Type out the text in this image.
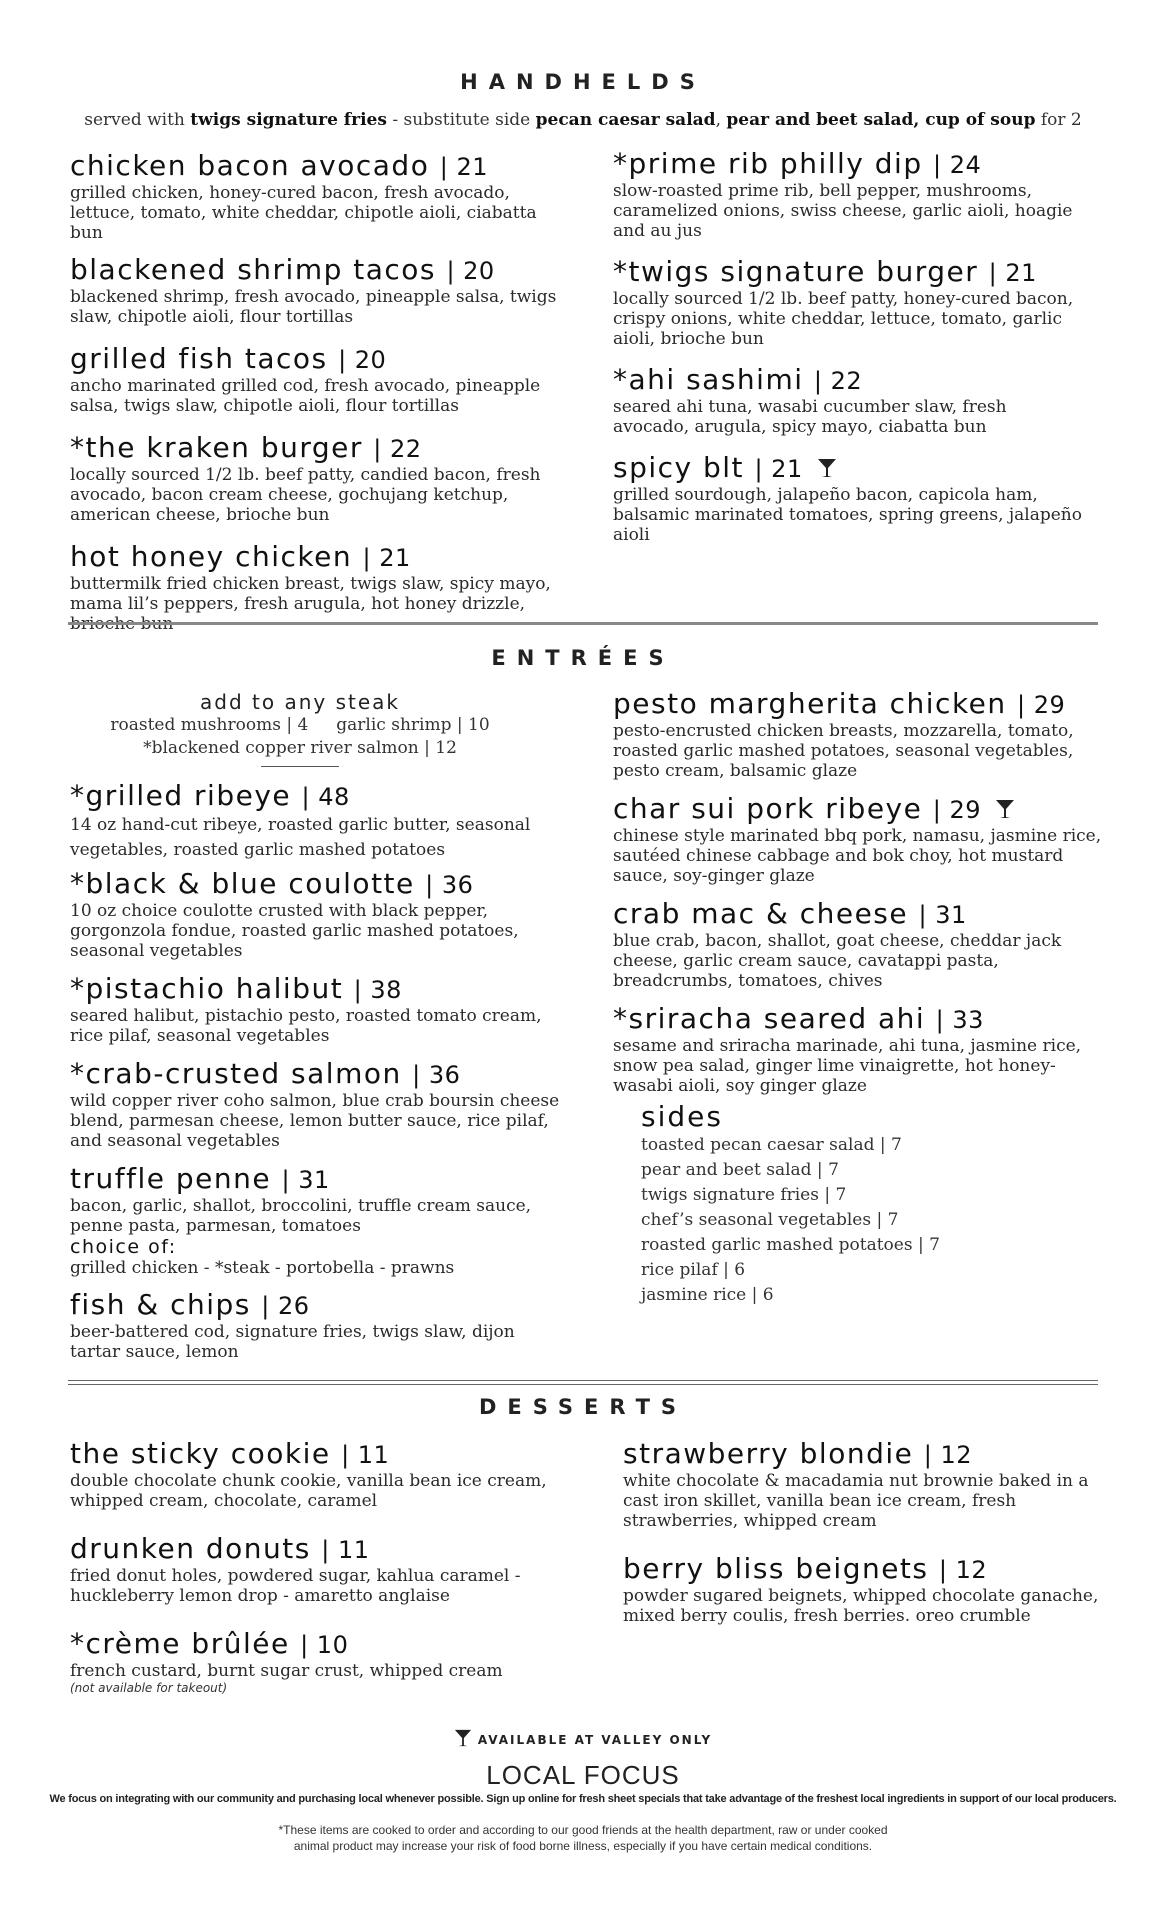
HANDHELDS
served with twigs signature fries - substitute side pecan caesar salad, pear and beet salad, cup of soup for 2
chicken bacon avocado | 21
grilled chicken, honey-cured bacon, fresh avocado, lettuce, tomato, white cheddar, chipotle aioli, ciabatta bun
blackened shrimp tacos | 20
blackened shrimp, fresh avocado, pineapple salsa, twigs slaw, chipotle aioli, flour tortillas
grilled fish tacos | 20
ancho marinated grilled cod, fresh avocado, pineapple salsa, twigs slaw, chipotle aioli, flour tortillas
*the kraken burger | 22
locally sourced 1/2 lb. beef patty, candied bacon, fresh avocado, bacon cream cheese, gochujang ketchup, american cheese, brioche bun
hot honey chicken | 21
buttermilk fried chicken breast, twigs slaw, spicy mayo, mama lil’s peppers, fresh arugula, hot honey drizzle, brioche bun
*prime rib philly dip | 24
slow-roasted prime rib, bell pepper, mushrooms, caramelized onions, swiss cheese, garlic aioli, hoagie and au jus
*twigs signature burger | 21
locally sourced 1/2 lb. beef patty, honey-cured bacon, crispy onions, white cheddar, lettuce, tomato, garlic aioli, brioche bun
*ahi sashimi | 22
seared ahi tuna, wasabi cucumber slaw, fresh avocado, arugula, spicy mayo, ciabatta bun
spicy blt | 21
grilled sourdough, jalapeño bacon, capicola ham, balsamic marinated tomatoes, spring greens, jalapeño aioli
ENTRÉES
add to any steak
roasted mushrooms | 4 garlic shrimp | 10
*blackened copper river salmon | 12
*grilled ribeye | 48
14 oz hand-cut ribeye, roasted garlic butter, seasonal vegetables, roasted garlic mashed potatoes
*black & blue coulotte | 36
10 oz choice coulotte crusted with black pepper, gorgonzola fondue, roasted garlic mashed potatoes, seasonal vegetables
*pistachio halibut | 38
seared halibut, pistachio pesto, roasted tomato cream, rice pilaf, seasonal vegetables
*crab-crusted salmon | 36
wild copper river coho salmon, blue crab boursin cheese blend, parmesan cheese, lemon butter sauce, rice pilaf, and seasonal vegetables
truffle penne | 31
bacon, garlic, shallot, broccolini, truffle cream sauce, penne pasta, parmesan, tomatoes
choice of:
grilled chicken - *steak - portobella - prawns
fish & chips | 26
beer-battered cod, signature fries, twigs slaw, dijon tartar sauce, lemon
pesto margherita chicken | 29
pesto-encrusted chicken breasts, mozzarella, tomato, roasted garlic mashed potatoes, seasonal vegetables, pesto cream, balsamic glaze
char sui pork ribeye | 29
chinese style marinated bbq pork, namasu, jasmine rice, sautéed chinese cabbage and bok choy, hot mustard sauce, soy-ginger glaze
crab mac & cheese | 31
blue crab, bacon, shallot, goat cheese, cheddar jack cheese, garlic cream sauce, cavatappi pasta, breadcrumbs, tomatoes, chives
*sriracha seared ahi | 33
sesame and sriracha marinade, ahi tuna, jasmine rice, snow pea salad, ginger lime vinaigrette, hot honey-wasabi aioli, soy ginger glaze
sides
toasted pecan caesar salad | 7
pear and beet salad | 7
twigs signature fries | 7
chef’s seasonal vegetables | 7
roasted garlic mashed potatoes | 7
rice pilaf | 6
jasmine rice | 6
DESSERTS
the sticky cookie | 11
double chocolate chunk cookie, vanilla bean ice cream, whipped cream, chocolate, caramel
drunken donuts | 11
fried donut holes, powdered sugar, kahlua caramel - huckleberry lemon drop - amaretto anglaise
*crème brûlée | 10
french custard, burnt sugar crust, whipped cream
(not available for takeout)
strawberry blondie | 12
white chocolate & macadamia nut brownie baked in a cast iron skillet, vanilla bean ice cream, fresh strawberries, whipped cream
berry bliss beignets | 12
powder sugared beignets, whipped chocolate ganache, mixed berry coulis, fresh berries. oreo crumble
AVAILABLE AT VALLEY ONLY
LOCAL FOCUS
We focus on integrating with our community and purchasing local whenever possible. Sign up online for fresh sheet specials that take advantage of the freshest local ingredients in support of our local producers.
*These items are cooked to order and according to our good friends at the health department, raw or under cooked
animal product may increase your risk of food borne illness, especially if you have certain medical conditions.
